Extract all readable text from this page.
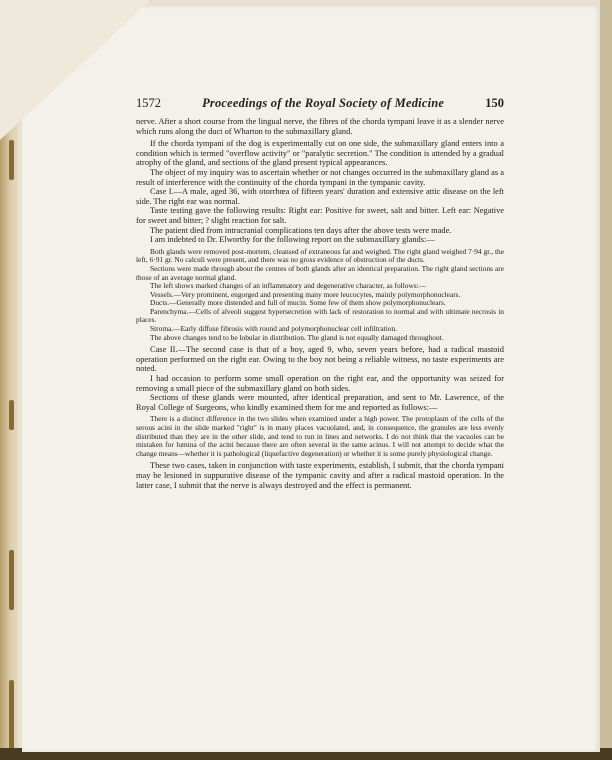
1572	Proceedings of the Royal Society of Medicine	150

nerve. After a short course from the lingual nerve, the fibres of the chorda tympani leave it as a slender nerve which runs along the duct of Wharton to the submaxillary gland.

If the chorda tympani of the dog is experimentally cut on one side, the submaxillary gland enters into a condition which is termed "overflow activity" or "paralytic secretion." The condition is attended by a gradual atrophy of the gland, and sections of the gland present typical appearances.

The object of my inquiry was to ascertain whether or not changes occurred in the submaxillary gland as a result of interference with the continuity of the chorda tympani in the tympanic cavity.

Case I.—A male, aged 36, with otorrhœa of fifteen years' duration and extensive attic disease on the left side. The right ear was normal.

Taste testing gave the following results: Right ear: Positive for sweet, salt and bitter. Left ear: Negative for sweet and bitter; ? slight reaction for salt.

The patient died from intracranial complications ten days after the above tests were made.

I am indebted to Dr. Elworthy for the following report on the submaxillary glands:—

Both glands were removed post-mortem, cleansed of extraneous fat and weighed. The right gland weighed 7·94 gr., the left, 6·91 gr. No calculi were present, and there was no gross evidence of obstruction of the ducts.

Sections were made through about the centres of both glands after an identical preparation. The right gland sections are those of an average normal gland.

The left shows marked changes of an inflammatory and degenerative character, as follows:—

Vessels.—Very prominent, engorged and presenting many more leucocytes, mainly polymorphonuclears.

Ducts.—Generally more distended and full of mucin. Some few of them show polymorphonuclears.

Parenchyma.—Cells of alveoli suggest hypersecretion with lack of restoration to normal and with ultimate necrosis in places.

Stroma.—Early diffuse fibrosis with round and polymorphonuclear cell infiltration.

The above changes tend to be lobular in distribution. The gland is not equally damaged throughout.

Case II.—The second case is that of a boy, aged 9, who, seven years before, had a radical mastoid operation performed on the right ear. Owing to the boy not being a reliable witness, no taste experiments are noted.

I had occasion to perform some small operation on the right ear, and the opportunity was seized for removing a small piece of the submaxillary gland on both sides.

Sections of these glands were mounted, after identical preparation, and sent to Mr. Lawrence, of the Royal College of Surgeons, who kindly examined them for me and reported as follows:—

There is a distinct difference in the two slides when examined under a high power. The protoplasm of the cells of the serous acini in the slide marked "right" is in many places vacuolated, and, in consequence, the granules are less evenly distributed than they are in the other slide, and tend to run in lines and networks. I do not think that the vacuoles can be mistaken for lumina of the acini because there are often several in the same acinus. I will not attempt to decide what the change means—whether it is pathological (liquefactive degeneration) or whether it is some purely physiological change.

These two cases, taken in conjunction with taste experiments, establish, I submit, that the chorda tympani may be lesioned in suppurative disease of the tympanic cavity and after a radical mastoid operation. In the latter case, I submit that the nerve is always destroyed and the effect is permanent.
